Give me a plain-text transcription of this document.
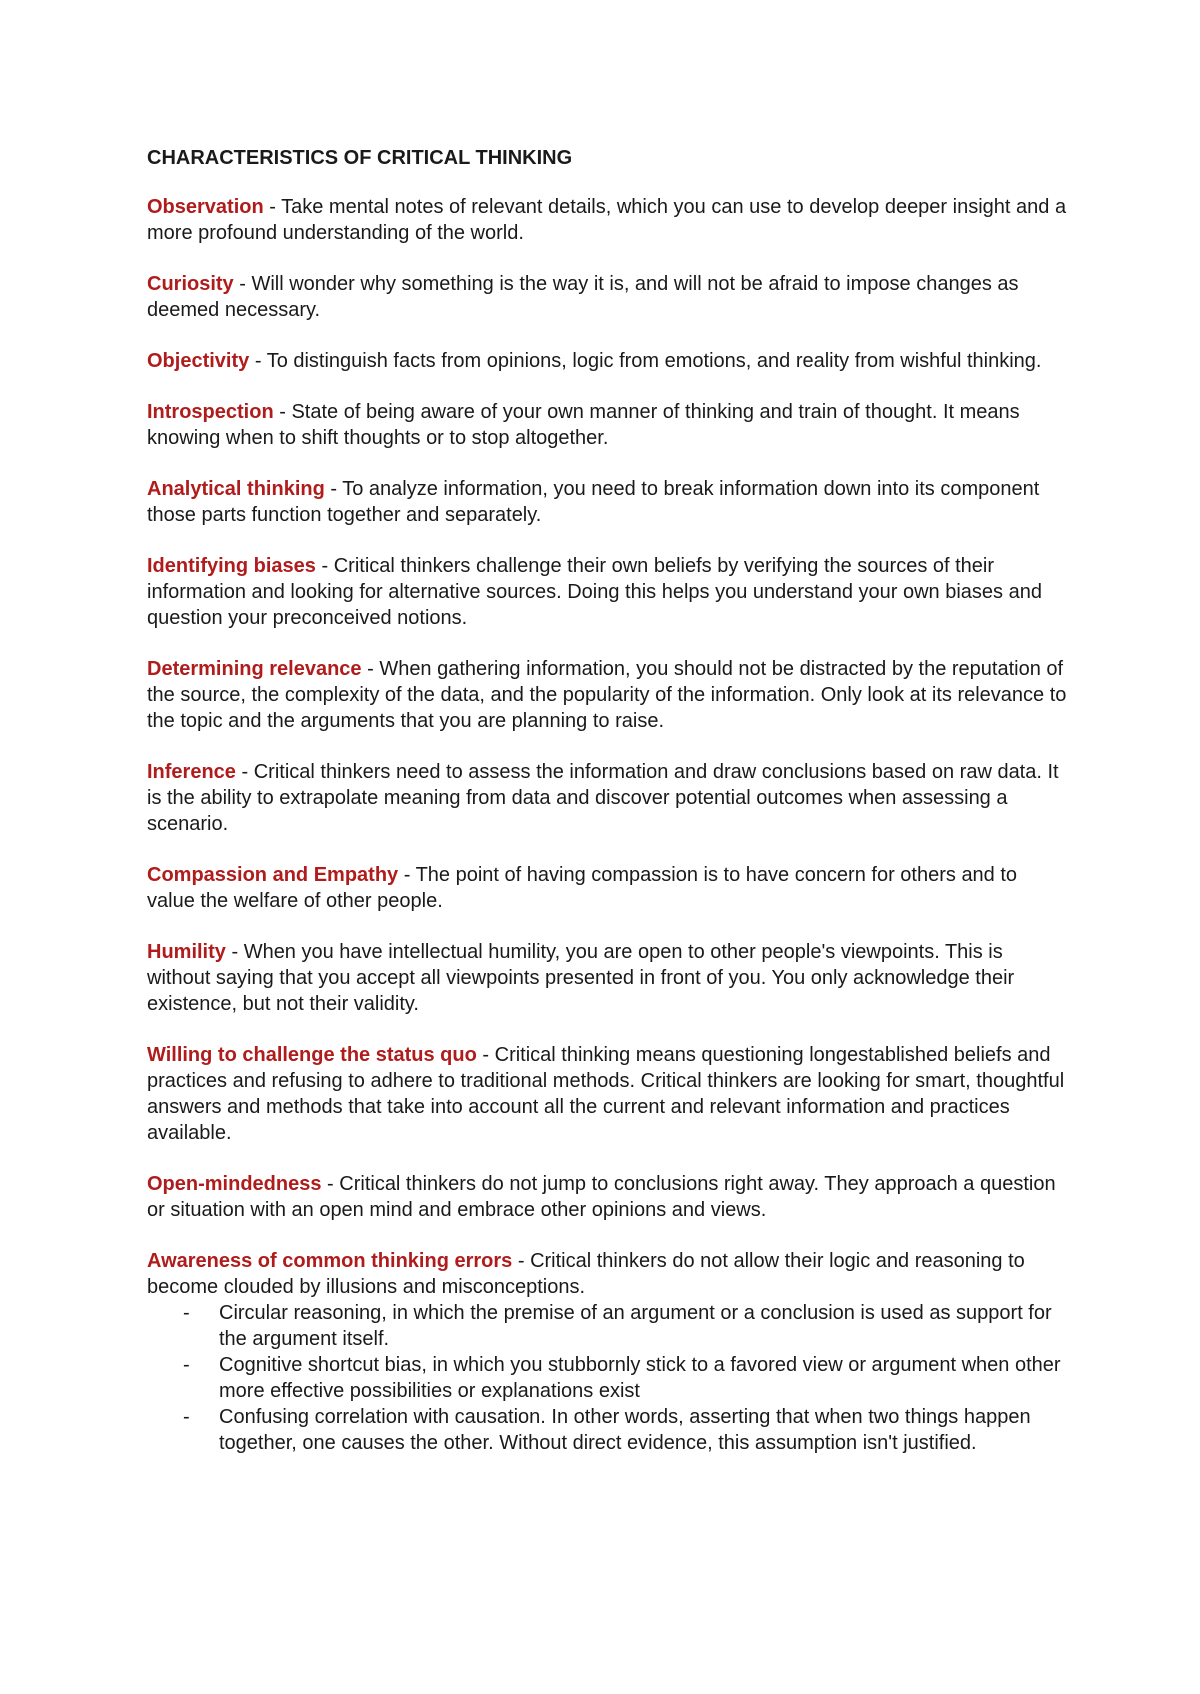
CHARACTERISTICS OF CRITICAL THINKING
Observation - Take mental notes of relevant details, which you can use to develop deeper insight and a more profound understanding of the world.
Curiosity - Will wonder why something is the way it is, and will not be afraid to impose changes as deemed necessary.
Objectivity - To distinguish facts from opinions, logic from emotions, and reality from wishful thinking.
Introspection - State of being aware of your own manner of thinking and train of thought. It means knowing when to shift thoughts or to stop altogether.
Analytical thinking - To analyze information, you need to break information down into its component those parts function together and separately.
Identifying biases - Critical thinkers challenge their own beliefs by verifying the sources of their information and looking for alternative sources. Doing this helps you understand your own biases and question your preconceived notions.
Determining relevance - When gathering information, you should not be distracted by the reputation of the source, the complexity of the data, and the popularity of the information. Only look at its relevance to the topic and the arguments that you are planning to raise.
Inference - Critical thinkers need to assess the information and draw conclusions based on raw data. It is the ability to extrapolate meaning from data and discover potential outcomes when assessing a scenario.
Compassion and Empathy - The point of having compassion is to have concern for others and to value the welfare of other people.
Humility - When you have intellectual humility, you are open to other people's viewpoints. This is without saying that you accept all viewpoints presented in front of you. You only acknowledge their existence, but not their validity.
Willing to challenge the status quo - Critical thinking means questioning longestablished beliefs and practices and refusing to adhere to traditional methods. Critical thinkers are looking for smart, thoughtful answers and methods that take into account all the current and relevant information and practices available.
Open-mindedness - Critical thinkers do not jump to conclusions right away. They approach a question or situation with an open mind and embrace other opinions and views.
Awareness of common thinking errors - Critical thinkers do not allow their logic and reasoning to become clouded by illusions and misconceptions.
- Circular reasoning, in which the premise of an argument or a conclusion is used as support for the argument itself.
- Cognitive shortcut bias, in which you stubbornly stick to a favored view or argument when other more effective possibilities or explanations exist
- Confusing correlation with causation. In other words, asserting that when two things happen together, one causes the other. Without direct evidence, this assumption isn't justified.
